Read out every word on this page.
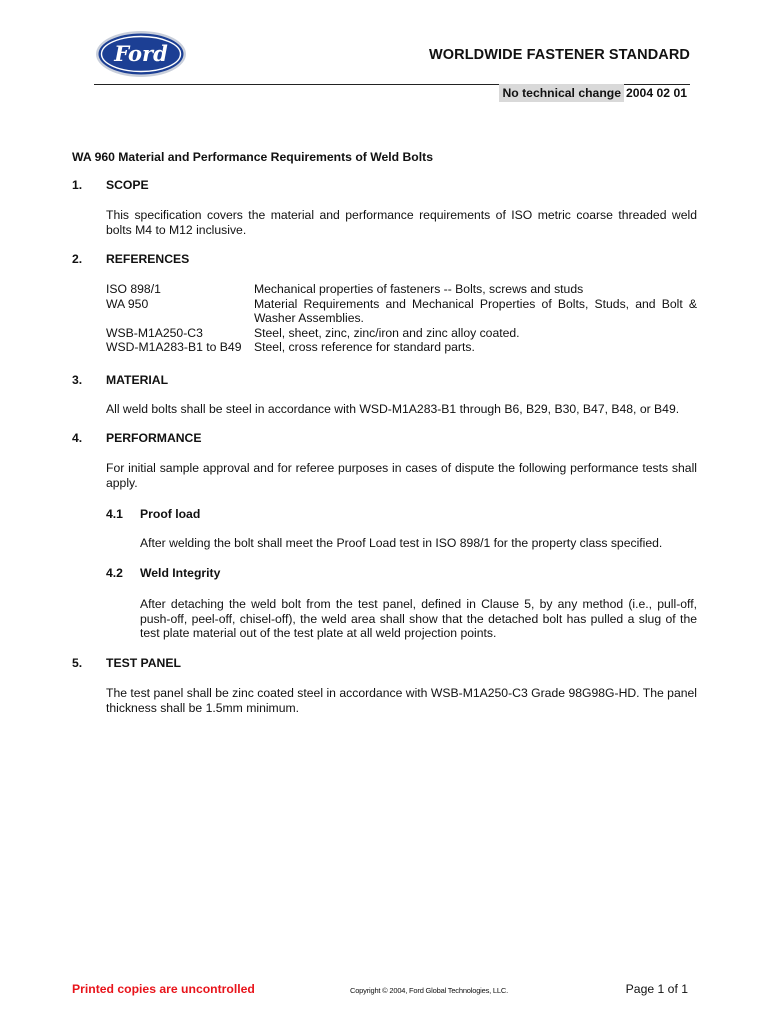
Ford	WORLDWIDE FASTENER STANDARD
No technical change 2004 02 01
WA 960 Material and Performance Requirements of Weld Bolts
1. SCOPE
This specification covers the material and performance requirements of ISO metric coarse threaded weld bolts M4 to M12 inclusive.
2. REFERENCES
ISO 898/1	Mechanical properties of fasteners -- Bolts, screws and studs
WA 950	Material Requirements and Mechanical Properties of Bolts, Studs, and Bolt & Washer Assemblies.
WSB-M1A250-C3	Steel, sheet, zinc, zinc/iron and zinc alloy coated.
WSD-M1A283-B1 to B49	Steel, cross reference for standard parts.
3. MATERIAL
All weld bolts shall be steel in accordance with WSD-M1A283-B1 through B6, B29, B30, B47, B48, or B49.
4. PERFORMANCE
For initial sample approval and for referee purposes in cases of dispute the following performance tests shall apply.
4.1 Proof load
After welding the bolt shall meet the Proof Load test in ISO 898/1 for the property class specified.
4.2 Weld Integrity
After detaching the weld bolt from the test panel, defined in Clause 5, by any method (i.e., pull-off, push-off, peel-off, chisel-off), the weld area shall show that the detached bolt has pulled a slug of the test plate material out of the test plate at all weld projection points.
5. TEST PANEL
The test panel shall be zinc coated steel in accordance with WSB-M1A250-C3 Grade 98G98G-HD. The panel thickness shall be 1.5mm minimum.
Printed copies are uncontrolled	Copyright © 2004, Ford Global Technologies, LLC.	Page 1 of 1
